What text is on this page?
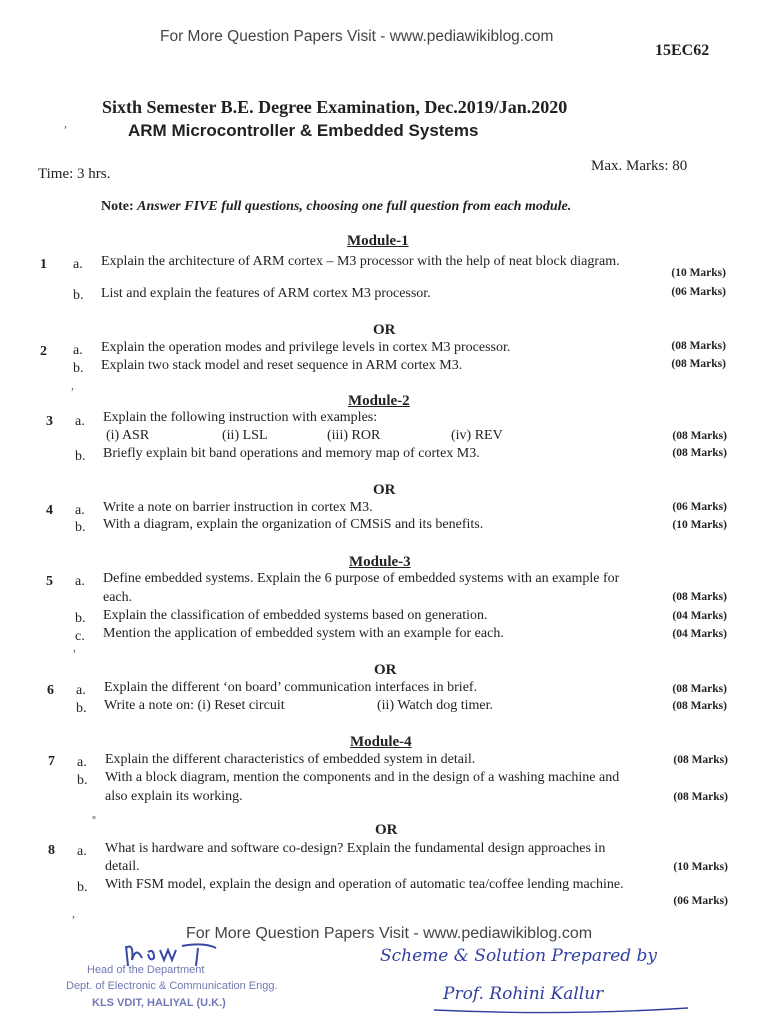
For More Question Papers Visit - www.pediawikiblog.com
15EC62
Sixth Semester B.E. Degree Examination, Dec.2019/Jan.2020
ARM Microcontroller & Embedded Systems
Time: 3 hrs.	Max. Marks: 80
Note: Answer FIVE full questions, choosing one full question from each module.
Module-1
1 a. Explain the architecture of ARM cortex – M3 processor with the help of neat block diagram.
(10 Marks)
b. List and explain the features of ARM cortex M3 processor.	(06 Marks)
OR
2 a. Explain the operation modes and privilege levels in cortex M3 processor.	(08 Marks)
b. Explain two stack model and reset sequence in ARM cortex M3.	(08 Marks)
Module-2
3 a. Explain the following instruction with examples:
(i) ASR	(ii) LSL	(iii) ROR	(iv) REV	(08 Marks)
b. Briefly explain bit band operations and memory map of cortex M3.	(08 Marks)
OR
4 a. Write a note on barrier instruction in cortex M3.	(06 Marks)
b. With a diagram, explain the organization of CMSiS and its benefits.	(10 Marks)
Module-3
5 a. Define embedded systems. Explain the 6 purpose of embedded systems with an example for
each.	(08 Marks)
b. Explain the classification of embedded systems based on generation.	(04 Marks)
c. Mention the application of embedded system with an example for each.	(04 Marks)
OR
6 a. Explain the different ‘on board’ communication interfaces in brief.	(08 Marks)
b. Write a note on: (i) Reset circuit	(ii) Watch dog timer.	(08 Marks)
Module-4
7 a. Explain the different characteristics of embedded system in detail.	(08 Marks)
b. With a block diagram, mention the components and in the design of a washing machine and
also explain its working.	(08 Marks)
OR
8 a. What is hardware and software co-design? Explain the fundamental design approaches in
detail.	(10 Marks)
b. With FSM model, explain the design and operation of automatic tea/coffee lending machine.
(06 Marks)
,
,
,
,
▪
For More Question Papers Visit - www.pediawikiblog.com
Head of the Department
Dept. of Electronic & Communication Engg.
KLS VDIT, HALIYAL (U.K.)
Scheme & Solution Prepared by
Prof. Rohini Kallur
